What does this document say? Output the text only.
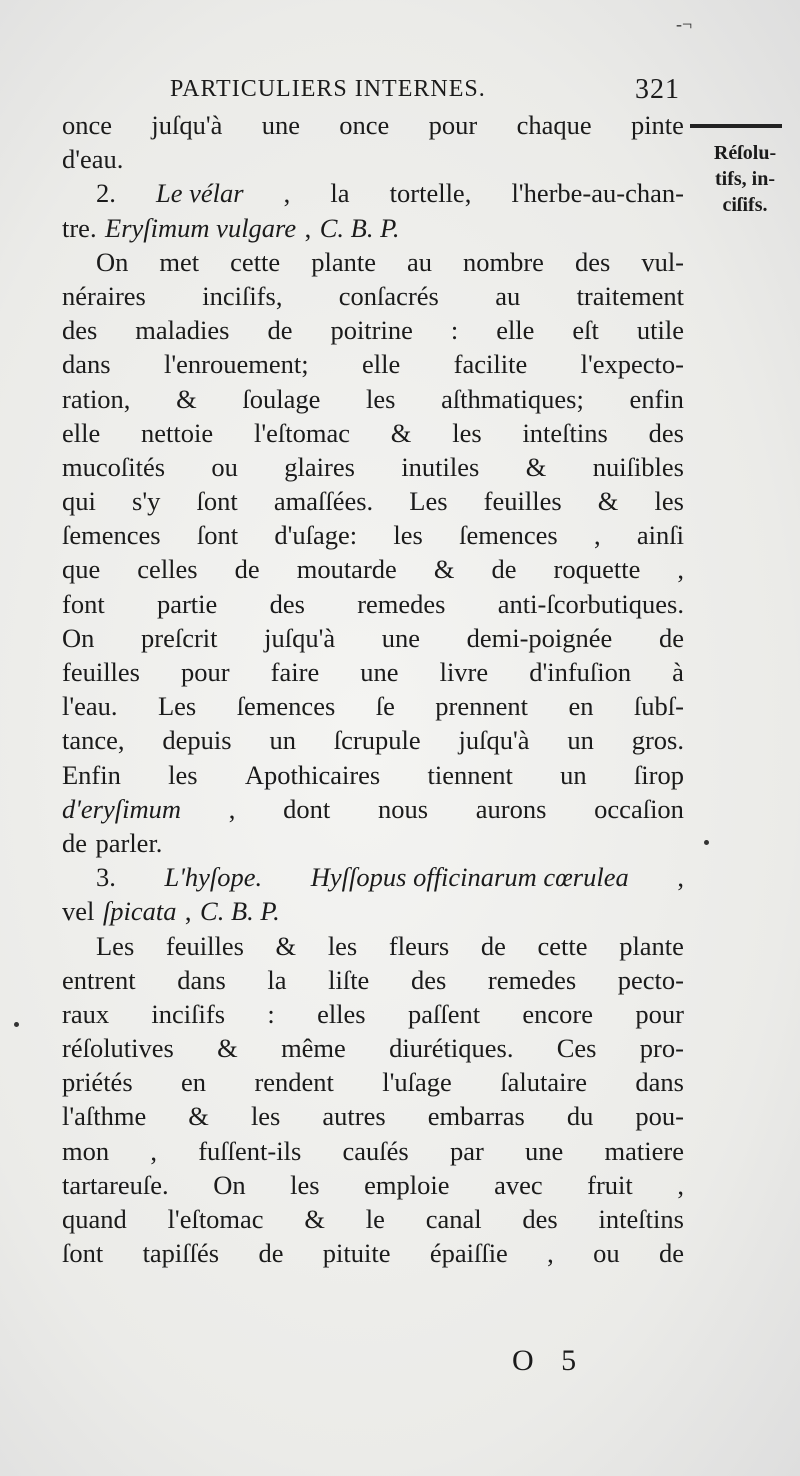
-¬
PARTICULIERS INTERNES.	321
Réſolu-
tifs, in-
ciſifs.
once juſqu'à une once pour chaque pinte
d'eau.
2. Le vélar , la tortelle, l'herbe-au-chan-
tre. Eryſimum vulgare , C. B. P.
On met cette plante au nombre des vul-
néraires inciſifs, conſacrés au traitement
des maladies de poitrine : elle eſt utile
dans l'enrouement; elle facilite l'expecto-
ration, & ſoulage les aſthmatiques; enfin
elle nettoie l'eſtomac & les inteſtins des
mucoſités ou glaires inutiles & nuiſibles
qui s'y ſont amaſſées. Les feuilles & les
ſemences ſont d'uſage: les ſemences , ainſi
que celles de moutarde & de roquette ,
font partie des remedes anti-ſcorbutiques.
On preſcrit juſqu'à une demi-poignée de
feuilles pour faire une livre d'infuſion à
l'eau. Les ſemences ſe prennent en ſubſ-
tance, depuis un ſcrupule juſqu'à un gros.
Enfin les Apothicaires tiennent un ſirop
d'eryſimum , dont nous aurons occaſion
de parler.
3. L'hyſope. Hyſſopus officinarum cœrulea ,
vel ſpicata , C. B. P.
Les feuilles & les fleurs de cette plante
entrent dans la liſte des remedes pecto-
raux inciſifs : elles paſſent encore pour
réſolutives & même diurétiques. Ces pro-
priétés en rendent l'uſage ſalutaire dans
l'aſthme & les autres embarras du pou-
mon , fuſſent-ils cauſés par une matiere
tartareuſe. On les emploie avec fruit ,
quand l'eſtomac & le canal des inteſtins
ſont tapiſſés de pituite épaiſſie , ou de
O 5
